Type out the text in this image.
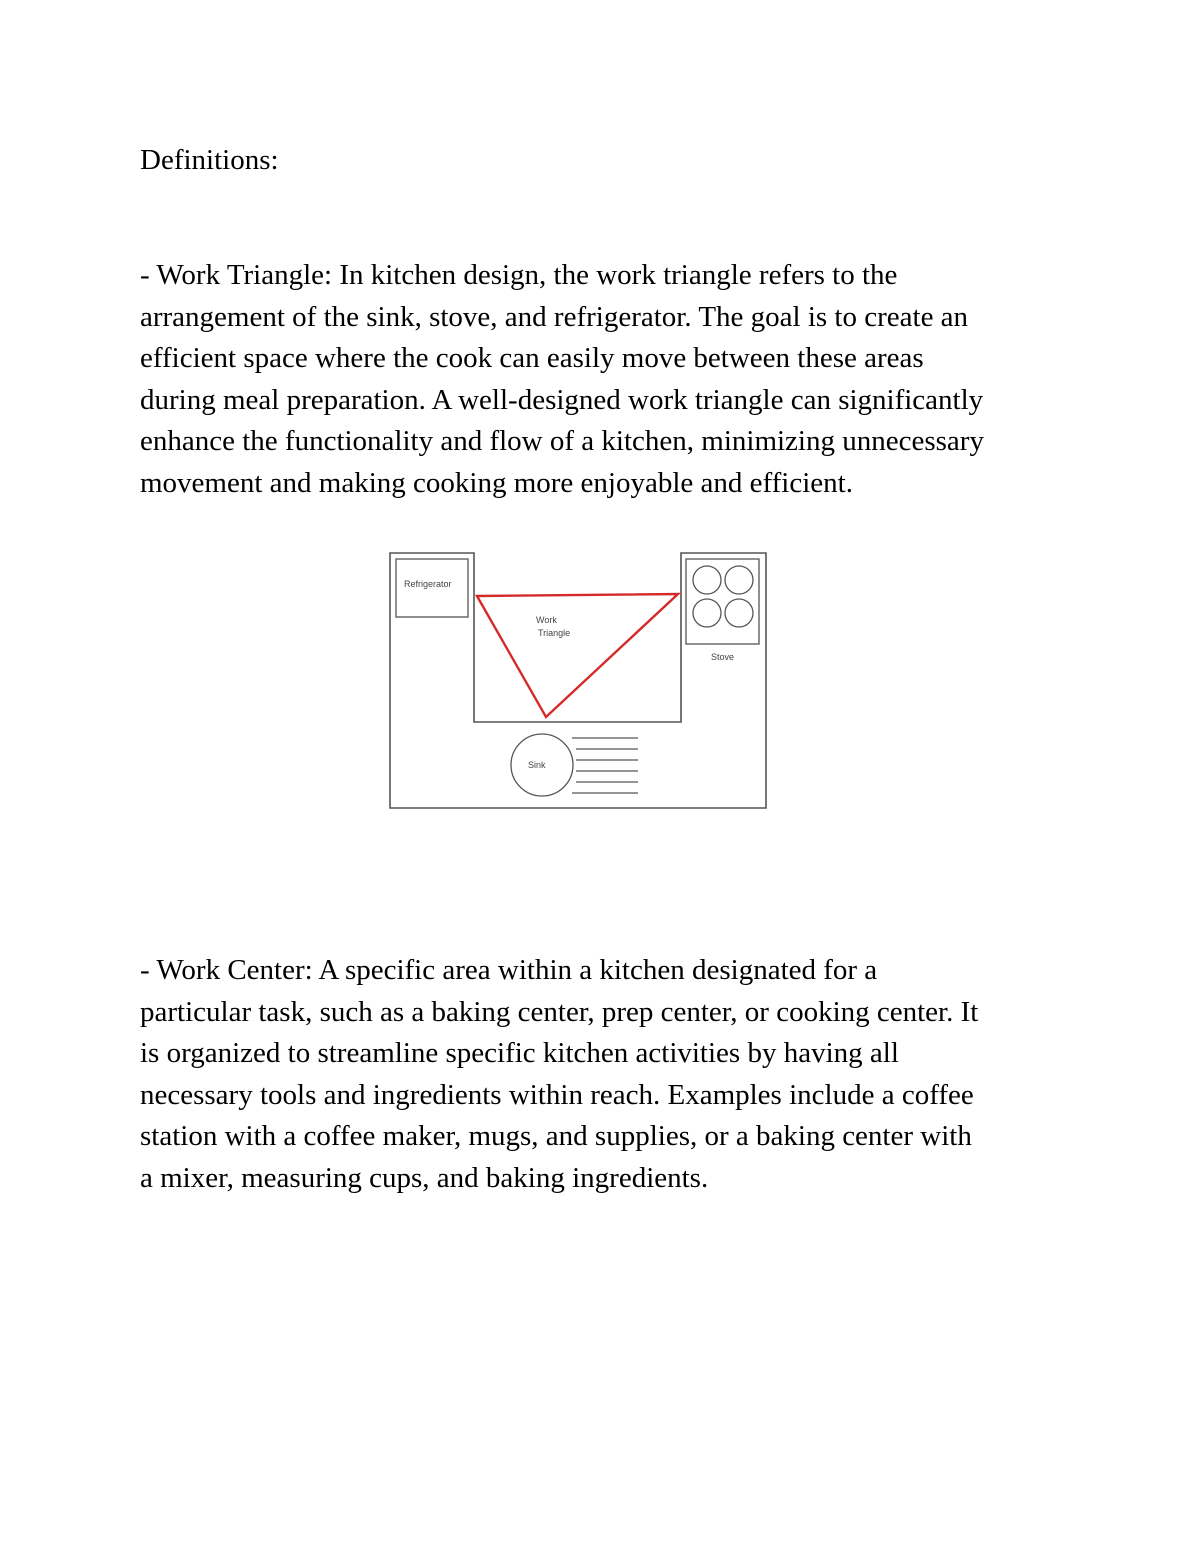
Definitions:

- Work Triangle: In kitchen design, the work triangle refers to the
arrangement of the sink, stove, and refrigerator. The goal is to create an
efficient space where the cook can easily move between these areas
during meal preparation. A well-designed work triangle can significantly
enhance the functionality and flow of a kitchen, minimizing unnecessary
movement and making cooking more enjoyable and efficient.

Refrigerator
Stove
Sink
Work
Triangle

- Work Center: A specific area within a kitchen designated for a
particular task, such as a baking center, prep center, or cooking center. It
is organized to streamline specific kitchen activities by having all
necessary tools and ingredients within reach. Examples include a coffee
station with a coffee maker, mugs, and supplies, or a baking center with
a mixer, measuring cups, and baking ingredients.
